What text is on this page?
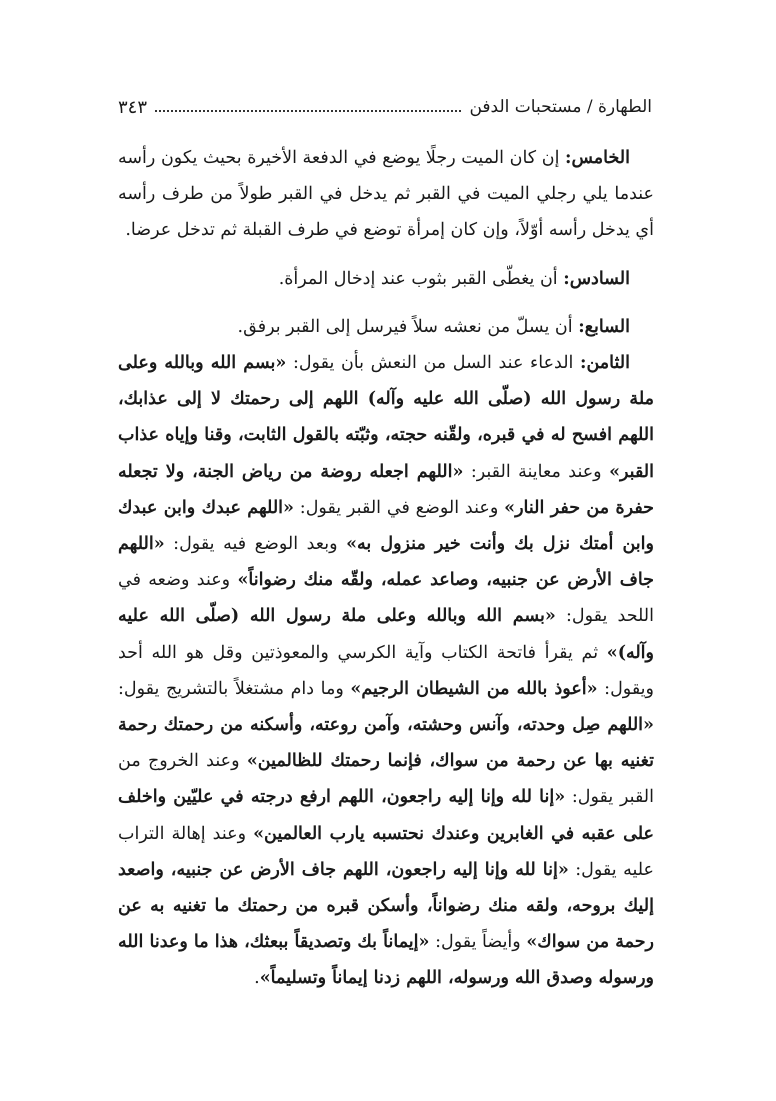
الطهارة / مستحبات الدفن
٣٤٣

الخامس: إن كان الميت رجلًا يوضع في الدفعة الأخيرة بحيث يكون رأسه عندما يلي رجلي الميت في القبر ثم يدخل في القبر طولاً من طرف رأسه أي يدخل رأسه أوّلاً، وإن كان إمرأة توضع في طرف القبلة ثم تدخل عرضا.

السادس: أن يغطّى القبر بثوب عند إدخال المرأة.

السابع: أن يسلّ من نعشه سلاً فيرسل إلى القبر برفق.

الثامن: الدعاء عند السل من النعش بأن يقول: «بسم الله وبالله وعلى ملة رسول الله (صلّى الله عليه وآله) اللهم إلى رحمتك لا إلى عذابك، اللهم افسح له في قبره، ولقّنه حجته، وثبّته بالقول الثابت، وقنا وإياه عذاب القبر» وعند معاينة القبر: «اللهم اجعله روضة من رياض الجنة، ولا تجعله حفرة من حفر النار» وعند الوضع في القبر يقول: «اللهم عبدك وابن عبدك وابن أمتك نزل بك وأنت خير منزول به» وبعد الوضع فيه يقول: «اللهم جاف الأرض عن جنبيه، وصاعد عمله، ولقّه منك رضواناً» وعند وضعه في اللحد يقول: «بسم الله وبالله وعلى ملة رسول الله (صلّى الله عليه وآله)» ثم يقرأ فاتحة الكتاب وآية الكرسي والمعوذتين وقل هو الله أحد ويقول: «أعوذ بالله من الشيطان الرجيم» وما دام مشتغلاً بالتشريج يقول: «اللهم صِل وحدته، وآنس وحشته، وآمن روعته، وأسكنه من رحمتك رحمة تغنيه بها عن رحمة من سواك، فإنما رحمتك للظالمين» وعند الخروج من القبر يقول: «إنا لله وإنا إليه راجعون، اللهم ارفع درجته في عليّين واخلف على عقبه في الغابرين وعندك نحتسبه يارب العالمين» وعند إهالة التراب عليه يقول: «إنا لله وإنا إليه راجعون، اللهم جاف الأرض عن جنبيه، واصعد إليك بروحه، ولقه منك رضواناً، وأسكن قبره من رحمتك ما تغنيه به عن رحمة من سواك» وأيضاً يقول: «إيماناً بك وتصديقاً ببعثك، هذا ما وعدنا الله ورسوله وصدق الله ورسوله، اللهم زدنا إيماناً وتسليماً».
